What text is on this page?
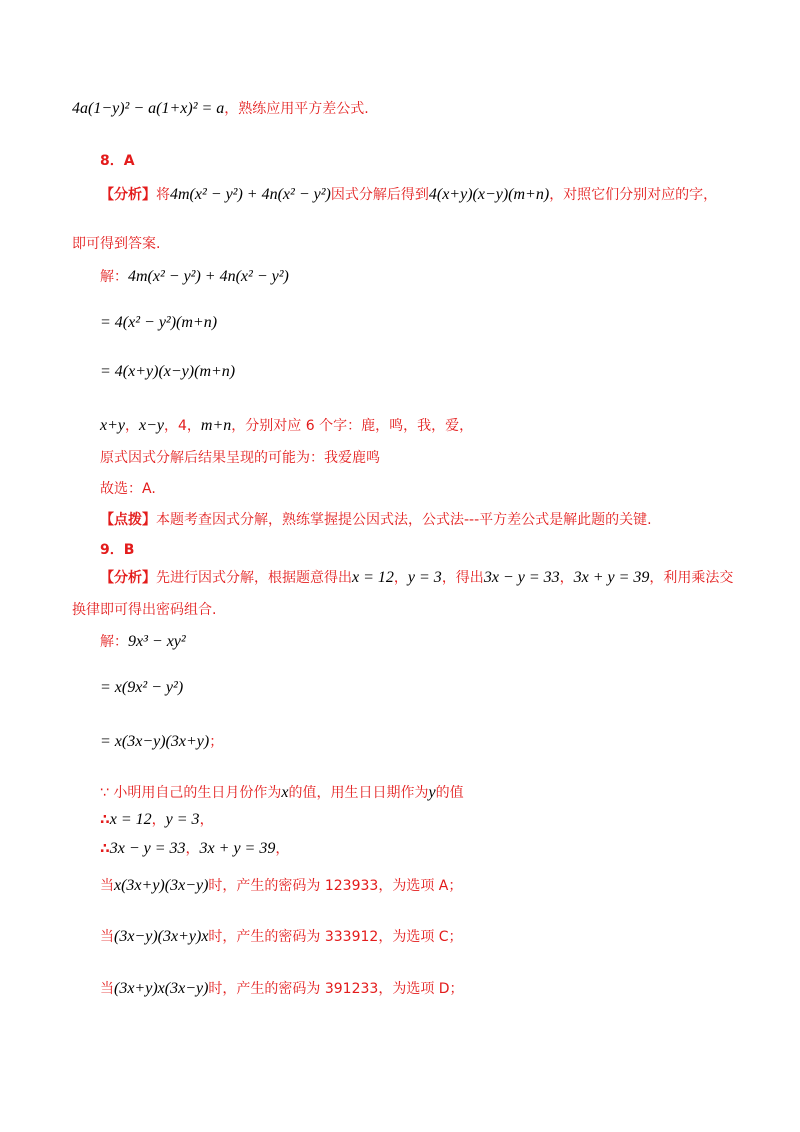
4a(1−y)² − a(1+x)² = a，熟练应用平方差公式.
8．A
【分析】将4m(x² − y²) + 4n(x² − y²)因式分解后得到4(x+y)(x−y)(m+n)，对照它们分别对应的字，
即可得到答案.
解：4m(x² − y²) + 4n(x² − y²)
= 4(x² − y²)(m+n)
= 4(x+y)(x−y)(m+n)
x+y，x−y，4，m+n，分别对应 6 个字：鹿，鸣，我，爱，
原式因式分解后结果呈现的可能为：我爱鹿鸣
故选：A.
【点拨】本题考查因式分解，熟练掌握提公因式法，公式法---平方差公式是解此题的关键.
9．B
【分析】先进行因式分解，根据题意得出x = 12，y = 3，得出3x − y = 33，3x + y = 39，利用乘法交
换律即可得出密码组合.
解：9x³ − xy²
= x(9x² − y²)
= x(3x−y)(3x+y)；
∵ 小明用自己的生日月份作为x的值，用生日日期作为y的值
∴x = 12，y = 3，
∴3x − y = 33，3x + y = 39，
当x(3x+y)(3x−y)时，产生的密码为 123933，为选项 A；
当(3x−y)(3x+y)x时，产生的密码为 333912，为选项 C；
当(3x+y)x(3x−y)时，产生的密码为 391233，为选项 D；
